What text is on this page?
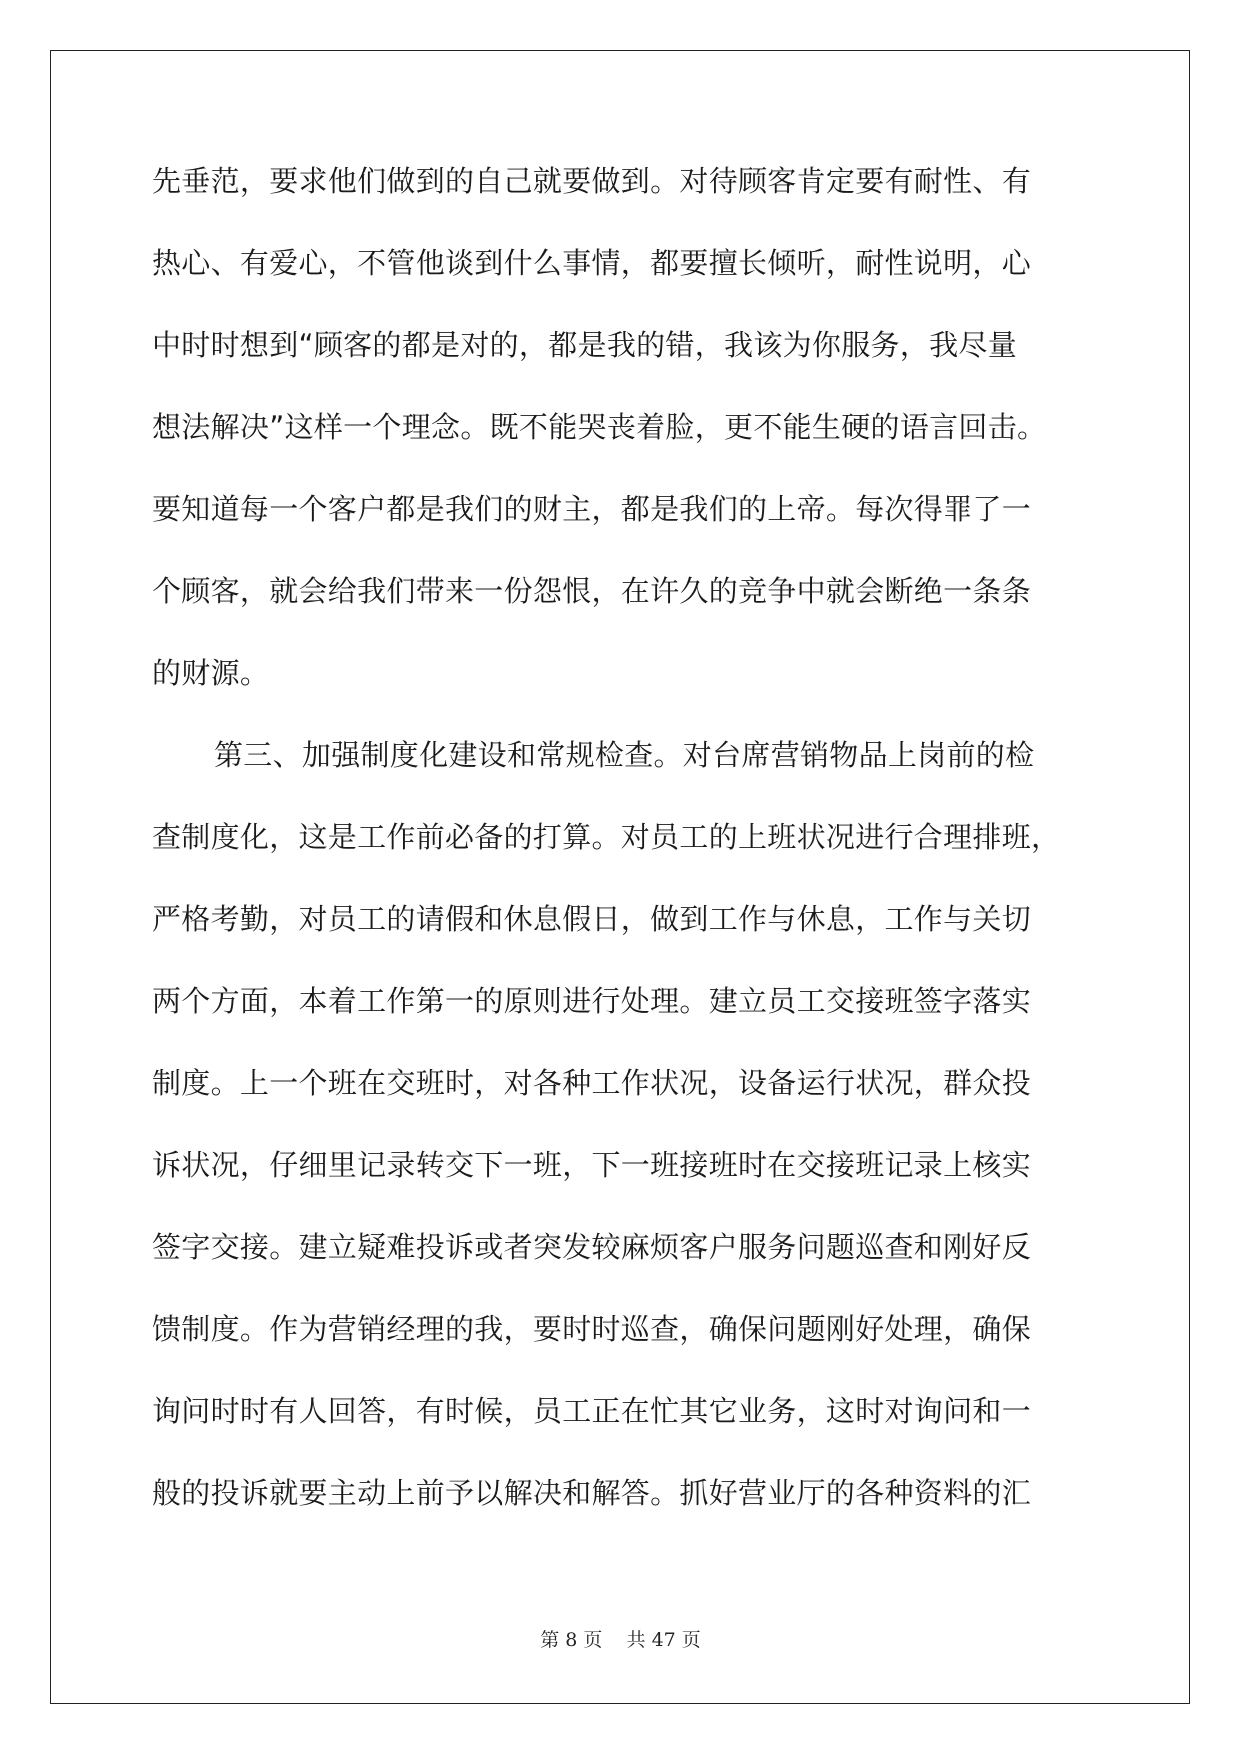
先垂范，要求他们做到的自己就要做到。对待顾客肯定要有耐性、有
热心、有爱心，不管他谈到什么事情，都要擅长倾听，耐性说明，心
中时时想到“顾客的都是对的，都是我的错，我该为你服务，我尽量
想法解决”这样一个理念。既不能哭丧着脸，更不能生硬的语言回击。
要知道每一个客户都是我们的财主，都是我们的上帝。每次得罪了一
个顾客，就会给我们带来一份怨恨，在许久的竞争中就会断绝一条条
的财源。
第三、加强制度化建设和常规检查。对台席营销物品上岗前的检
查制度化，这是工作前必备的打算。对员工的上班状况进行合理排班，
严格考勤，对员工的请假和休息假日，做到工作与休息，工作与关切
两个方面，本着工作第一的原则进行处理。建立员工交接班签字落实
制度。上一个班在交班时，对各种工作状况，设备运行状况，群众投
诉状况，仔细里记录转交下一班，下一班接班时在交接班记录上核实
签字交接。建立疑难投诉或者突发较麻烦客户服务问题巡查和刚好反
馈制度。作为营销经理的我，要时时巡查，确保问题刚好处理，确保
询问时时有人回答，有时候，员工正在忙其它业务，这时对询问和一
般的投诉就要主动上前予以解决和解答。抓好营业厅的各种资料的汇
第 8 页    共 47 页
